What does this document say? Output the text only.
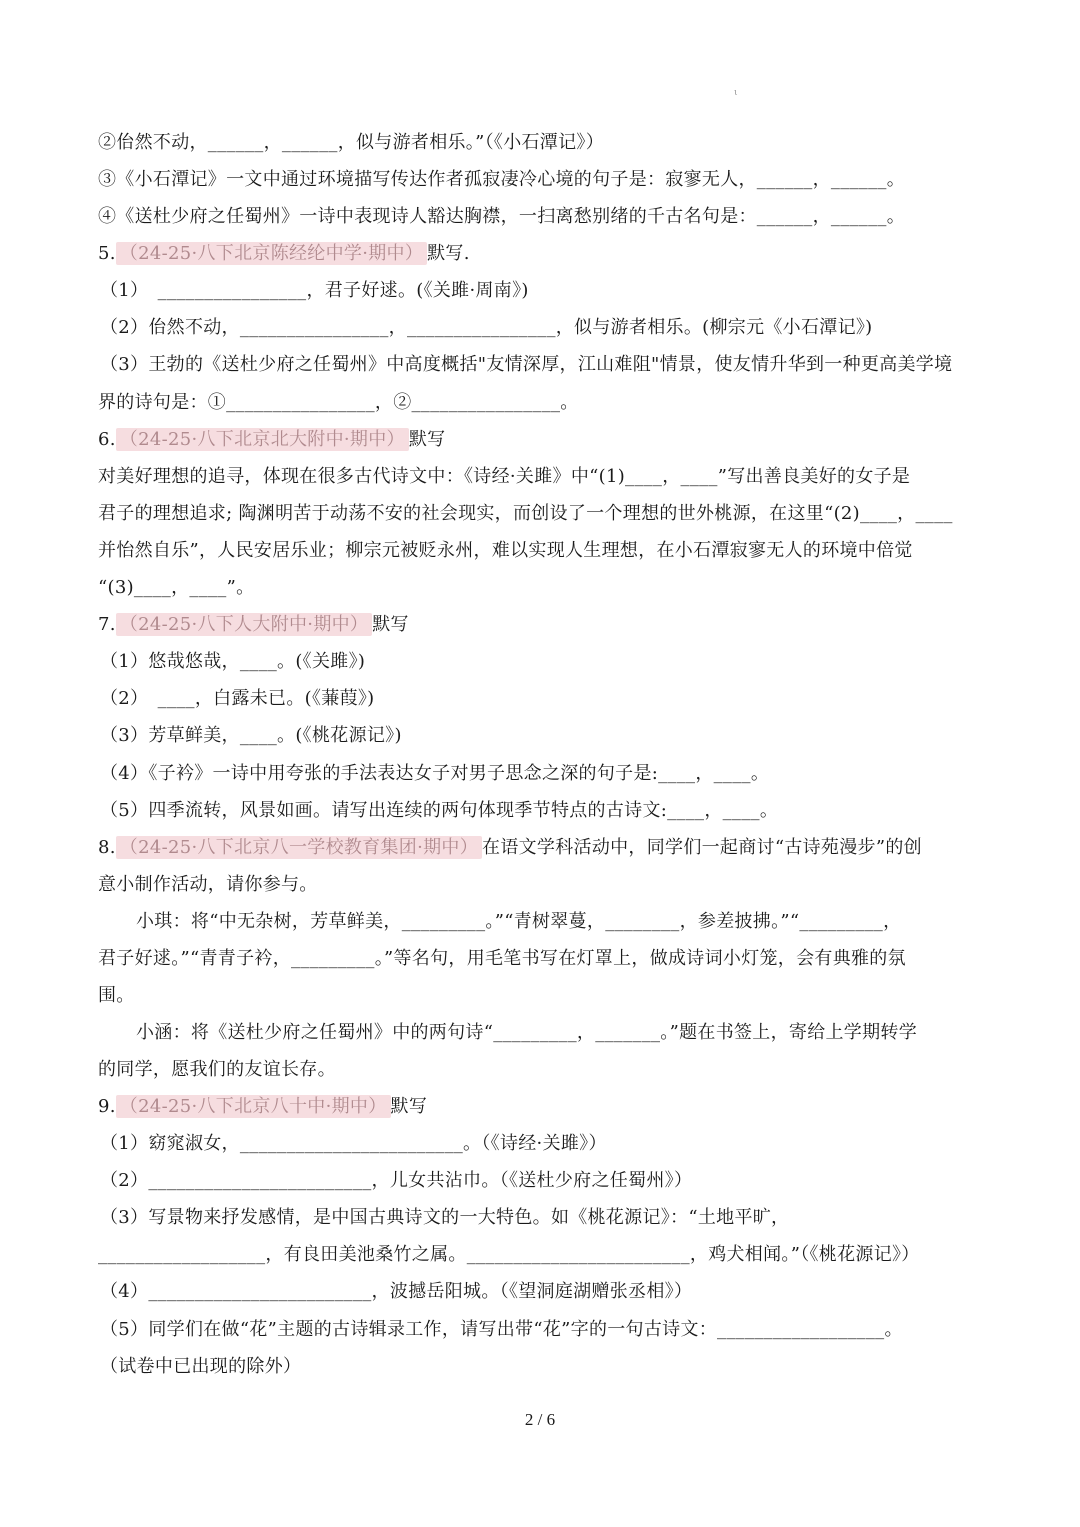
ι
②佁然不动，______，______，似与游者相乐。”（《小石潭记》）
③《小石潭记》一文中通过环境描写传达作者孤寂凄冷心境的句子是：寂寥无人，______，______。
④《送杜少府之任蜀州》一诗中表现诗人豁达胸襟，一扫离愁别绪的千古名句是：______，______。
5. （24-25·八下北京陈经纶中学·期中） 默写.
（1）　________________，君子好逑。(《关雎·周南》)
（2）佁然不动，________________，________________，似与游者相乐。(柳宗元《小石潭记》)
（3）王勃的《送杜少府之任蜀州》中高度概括"友情深厚，江山难阻"情景，使友情升华到一种更高美学境
界的诗句是：①________________，②________________。
6. （24-25·八下北京北大附中·期中） 默写
对美好理想的追寻，体现在很多古代诗文中：《诗经·关雎》中“(1)____，____”写出善良美好的女子是
君子的理想追求; 陶渊明苦于动荡不安的社会现实，而创设了一个理想的世外桃源，在这里“(2)____，____
并怡然自乐”，人民安居乐业；柳宗元被贬永州，难以实现人生理想，在小石潭寂寥无人的环境中倍觉
“(3)____，____”。
7. （24-25·八下人大附中·期中） 默写
（1）悠哉悠哉，____。(《关雎》)
（2）　____，白露未已。(《蒹葭》)
（3）芳草鲜美，____。(《桃花源记》)
（4）《子衿》一诗中用夸张的手法表达女子对男子思念之深的句子是:____，____。
（5）四季流转，风景如画。请写出连续的两句体现季节特点的古诗文:____，____。
8. （24-25·八下北京八一学校教育集团·期中） 在语文学科活动中，同学们一起商讨“古诗苑漫步”的创
意小制作活动，请你参与。
小琪：将“中无杂树，芳草鲜美，_________。”“青树翠蔓，________，参差披拂。”“_________，
君子好逑。”“青青子衿，_________。”等名句，用毛笔书写在灯罩上，做成诗词小灯笼，会有典雅的氛
围。
小涵：将《送杜少府之任蜀州》中的两句诗“_________，_______。”题在书签上，寄给上学期转学
的同学，愿我们的友谊长存。
9. （24-25·八下北京八十中·期中） 默写
（1）窈窕淑女，________________________。（《诗经·关雎》）
（2）________________________，儿女共沾巾。（《送杜少府之任蜀州》）
（3）写景物来抒发感情，是中国古典诗文的一大特色。如《桃花源记》：“土地平旷，
__________________，有良田美池桑竹之属。________________________，鸡犬相闻。”（《桃花源记》）
（4）________________________，波撼岳阳城。（《望洞庭湖赠张丞相》）
（5）同学们在做“花”主题的古诗辑录工作，请写出带“花”字的一句古诗文：__________________。
（试卷中已出现的除外）
2 / 6
